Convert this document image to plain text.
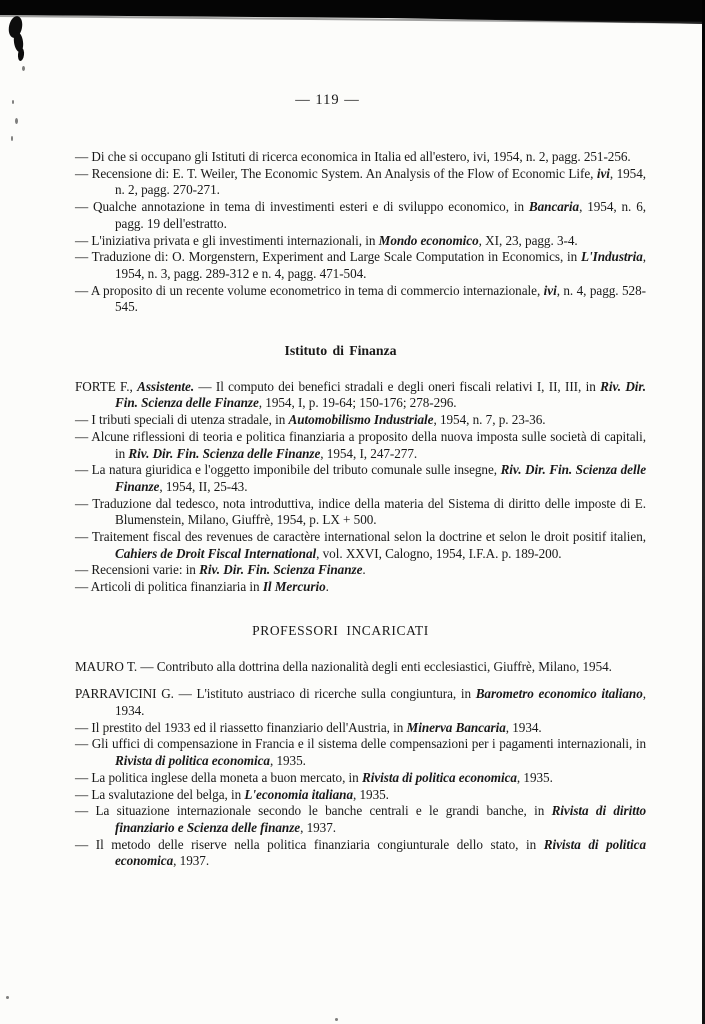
— 119 —

— Di che si occupano gli Istituti di ricerca economica in Italia ed all'estero, ivi, 1954, n. 2, pagg. 251-256.

— Recensione di: E. T. Weiler, The Economic System. An Analysis of the Flow of Economic Life, ivi, 1954, n. 2, pagg. 270-271.

— Qualche annotazione in tema di investimenti esteri e di sviluppo economico, in Bancaria, 1954, n. 6, pagg. 19 dell'estratto.

— L'iniziativa privata e gli investimenti internazionali, in Mondo economico, XI, 23, pagg. 3-4.

— Traduzione di: O. Morgenstern, Experiment and Large Scale Computation in Economics, in L'Industria, 1954, n. 3, pagg. 289-312 e n. 4, pagg. 471-504.

— A proposito di un recente volume econometrico in tema di commercio internazionale, ivi, n. 4, pagg. 528-545.

Istituto di Finanza

FORTE F., Assistente. — Il computo dei benefici stradali e degli oneri fiscali relativi I, II, III, in Riv. Dir. Fin. Scienza delle Finanze, 1954, I, p. 19-64; 150-176; 278-296.

— I tributi speciali di utenza stradale, in Automobilismo Industriale, 1954, n. 7, p. 23-36.

— Alcune riflessioni di teoria e politica finanziaria a proposito della nuova imposta sulle società di capitali, in Riv. Dir. Fin. Scienza delle Finanze, 1954, I, 247-277.

— La natura giuridica e l'oggetto imponibile del tributo comunale sulle insegne, Riv. Dir. Fin. Scienza delle Finanze, 1954, II, 25-43.

— Traduzione dal tedesco, nota introduttiva, indice della materia del Sistema di diritto delle imposte di E. Blumenstein, Milano, Giuffrè, 1954, p. LX + 500.

— Traitement fiscal des revenues de caractère international selon la doctrine et selon le droit positif italien, Cahiers de Droit Fiscal International, vol. XXVI, Calogno, 1954, I.F.A. p. 189-200.

— Recensioni varie: in Riv. Dir. Fin. Scienza Finanze.

— Articoli di politica finanziaria in Il Mercurio.

PROFESSORI INCARICATI

MAURO T. — Contributo alla dottrina della nazionalità degli enti ecclesiastici, Giuffrè, Milano, 1954.

PARRAVICINI G. — L'istituto austriaco di ricerche sulla congiuntura, in Barometro economico italiano, 1934.

— Il prestito del 1933 ed il riassetto finanziario dell'Austria, in Minerva Bancaria, 1934.

— Gli uffici di compensazione in Francia e il sistema delle compensazioni per i pagamenti internazionali, in Rivista di politica economica, 1935.

— La politica inglese della moneta a buon mercato, in Rivista di politica economica, 1935.

— La svalutazione del belga, in L'economia italiana, 1935.

— La situazione internazionale secondo le banche centrali e le grandi banche, in Rivista di diritto finanziario e Scienza delle finanze, 1937.

— Il metodo delle riserve nella politica finanziaria congiunturale dello stato, in Rivista di politica economica, 1937.
